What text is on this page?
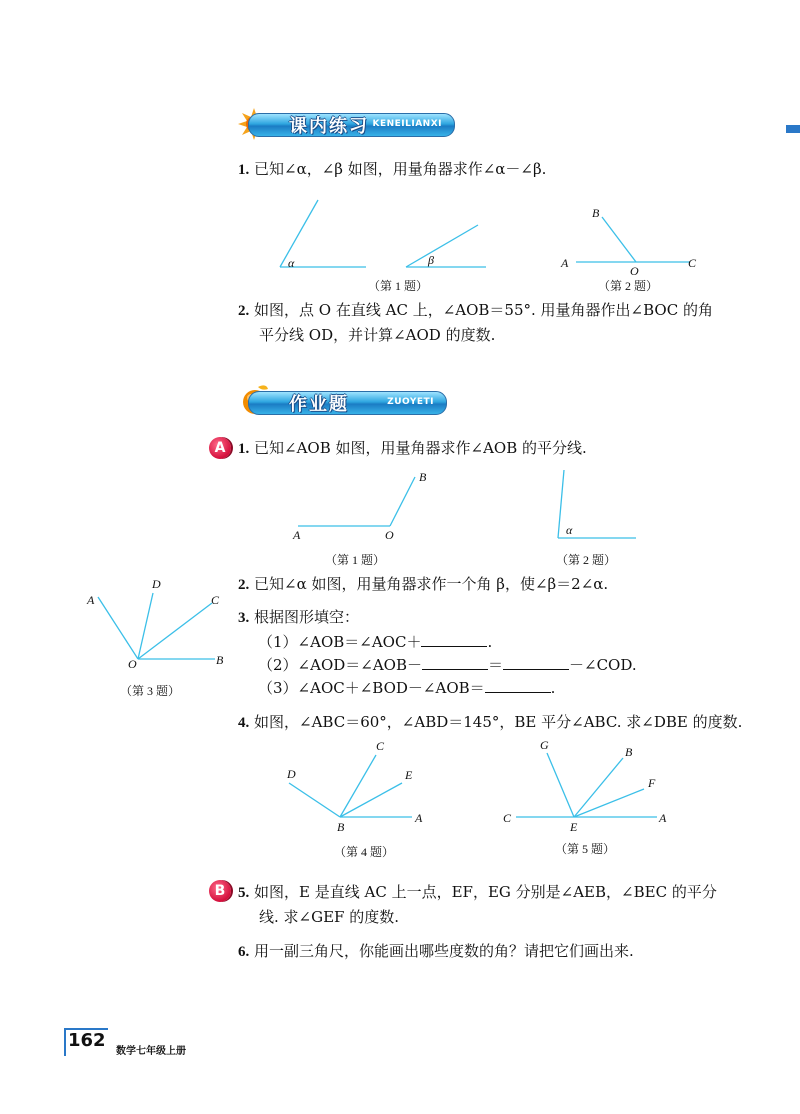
课内练习 KENEILIANXI
1. 已知∠α，∠β 如图，用量角器求作∠α－∠β.
α	β
B
A
O
C
（第 1 题）	（第 2 题）
2. 如图，点 O 在直线 AC 上，∠AOB＝55°. 用量角器作出∠BOC 的角
平分线 OD，并计算∠AOD 的度数.
作业题	ZUOYETI
A 1. 已知∠AOB 如图，用量角器求作∠AOB 的平分线.
B
A	O	α
（第 1 题）	（第 2 题）
A
D
C
B
O
（第 3 题）
2. 已知∠α 如图，用量角器求作一个角 β，使∠β＝2∠α.
3. 根据图形填空：
（1）∠AOB＝∠AOC＋	.
（2）∠AOD＝∠AOB－	＝	－∠COD.
（3）∠AOC＋∠BOD－∠AOB＝	.
4. 如图，∠ABC＝60°，∠ABD＝145°，BE 平分∠ABC. 求∠DBE 的度数.
C
D	E
A
B
G	B
F
C
E
A
（第 4 题）	（第 5 题）
B 5. 如图，E 是直线 AC 上一点，EF，EG 分别是∠AEB，∠BEC 的平分
线. 求∠GEF 的度数.
6. 用一副三角尺，你能画出哪些度数的角？请把它们画出来.
162
数学七年级上册
